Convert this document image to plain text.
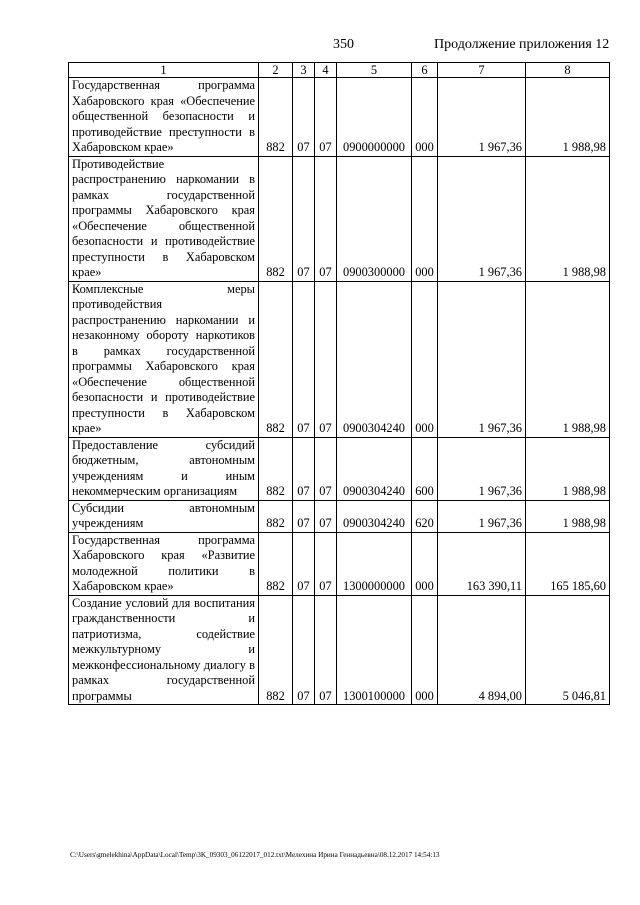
350	Продолжение приложения 12
1	2	3	4	5	6	7	8
Государственная программа Хабаровского края «Обеспечение общественной безопасности и противодействие преступности в Хабаровском крае»	882	07	07	0900000000	000	1 967,36	1 988,98
Противодействие распространению наркомании в рамках государственной программы Хабаровского края «Обеспечение общественной безопасности и противодействие преступности в Хабаровском крае»	882	07	07	0900300000	000	1 967,36	1 988,98
Комплексные меры противодействия распространению наркомании и незаконному обороту наркотиков в рамках государственной программы Хабаровского края «Обеспечение общественной безопасности и противодействие преступности в Хабаровском крае»	882	07	07	0900304240	000	1 967,36	1 988,98
Предоставление субсидий бюджетным, автономным учреждениям и иным некоммерческим организациям	882	07	07	0900304240	600	1 967,36	1 988,98
Субсидии автономным учреждениям	882	07	07	0900304240	620	1 967,36	1 988,98
Государственная программа Хабаровского края «Развитие молодежной политики в Хабаровском крае»	882	07	07	1300000000	000	163 390,11	165 185,60
Создание условий для воспитания гражданственности и патриотизма, содействие межкультурному и межконфессиональному диалогу в рамках государственной программы	882	07	07	1300100000	000	4 894,00	5 046,81
C:\Users\gmelekhina\AppData\Local\Temp\3K_09303_06122017_012.txt\Мелехина Ирина Геннадьевна\08.12.2017 14:54:13
